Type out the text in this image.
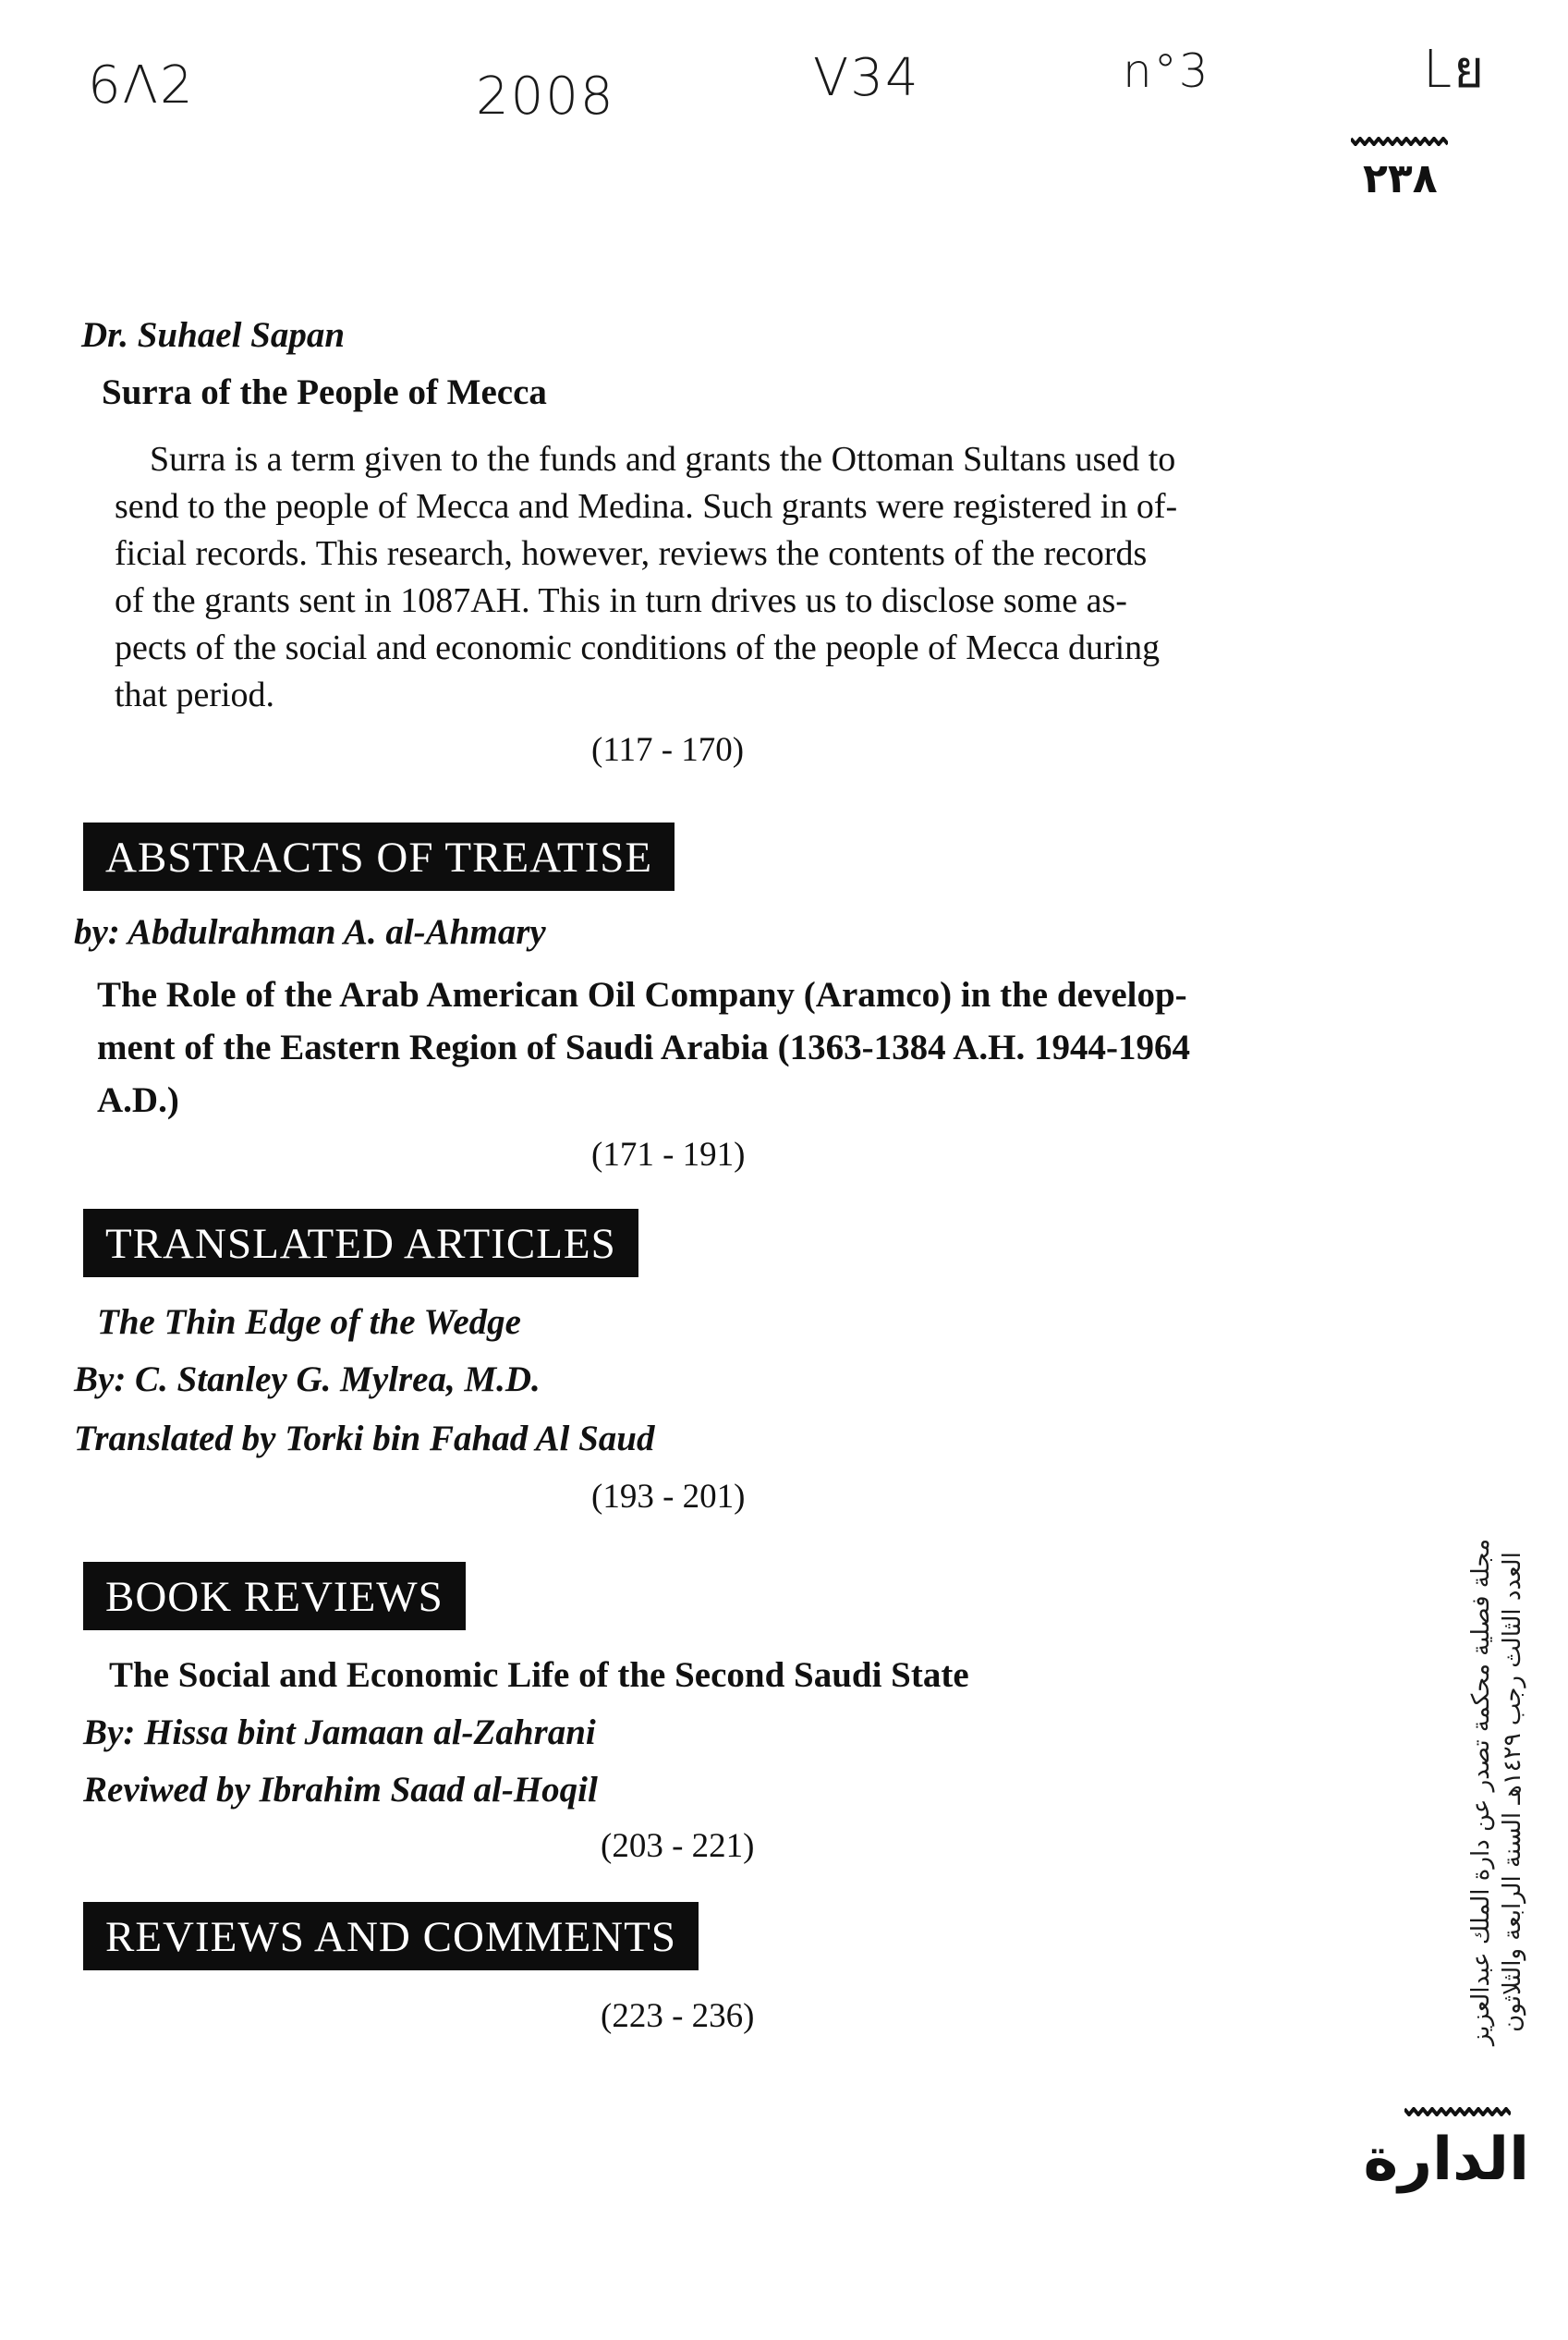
6Λ2	2008	V34	n°3	Lย
٢٣٨
Dr. Suhael Sapan
Surra of the People of Mecca
Surra is a term given to the funds and grants the Ottoman Sultans used to
send to the people of Mecca and Medina. Such grants were registered in of-
ficial records. This research, however, reviews the contents of the records
of the grants sent in 1087AH. This in turn drives us to disclose some as-
pects of the social and economic conditions of the people of Mecca during
that period.
(117 - 170)
ABSTRACTS OF TREATISE
by: Abdulrahman A. al-Ahmary
The Role of the Arab American Oil Company (Aramco) in the develop-
ment of the Eastern Region of Saudi Arabia (1363-1384 A.H. 1944-1964
A.D.)
(171 - 191)
TRANSLATED ARTICLES
The Thin Edge of the Wedge
By: C. Stanley G. Mylrea, M.D.
Translated by Torki bin Fahad Al Saud
(193 - 201)
BOOK REVIEWS
The Social and Economic Life of the Second Saudi State
By: Hissa bint Jamaan al-Zahrani
Reviwed by Ibrahim Saad al-Hoqil
(203 - 221)
REVIEWS AND COMMENTS
(223 - 236)	مجلة فصلية محكمة تصدر عن دارة الملك عبدالعزيز العدد الثالث رجب ١٤٢٩هـ السنة الرابعة والثلاثون
الدارة
